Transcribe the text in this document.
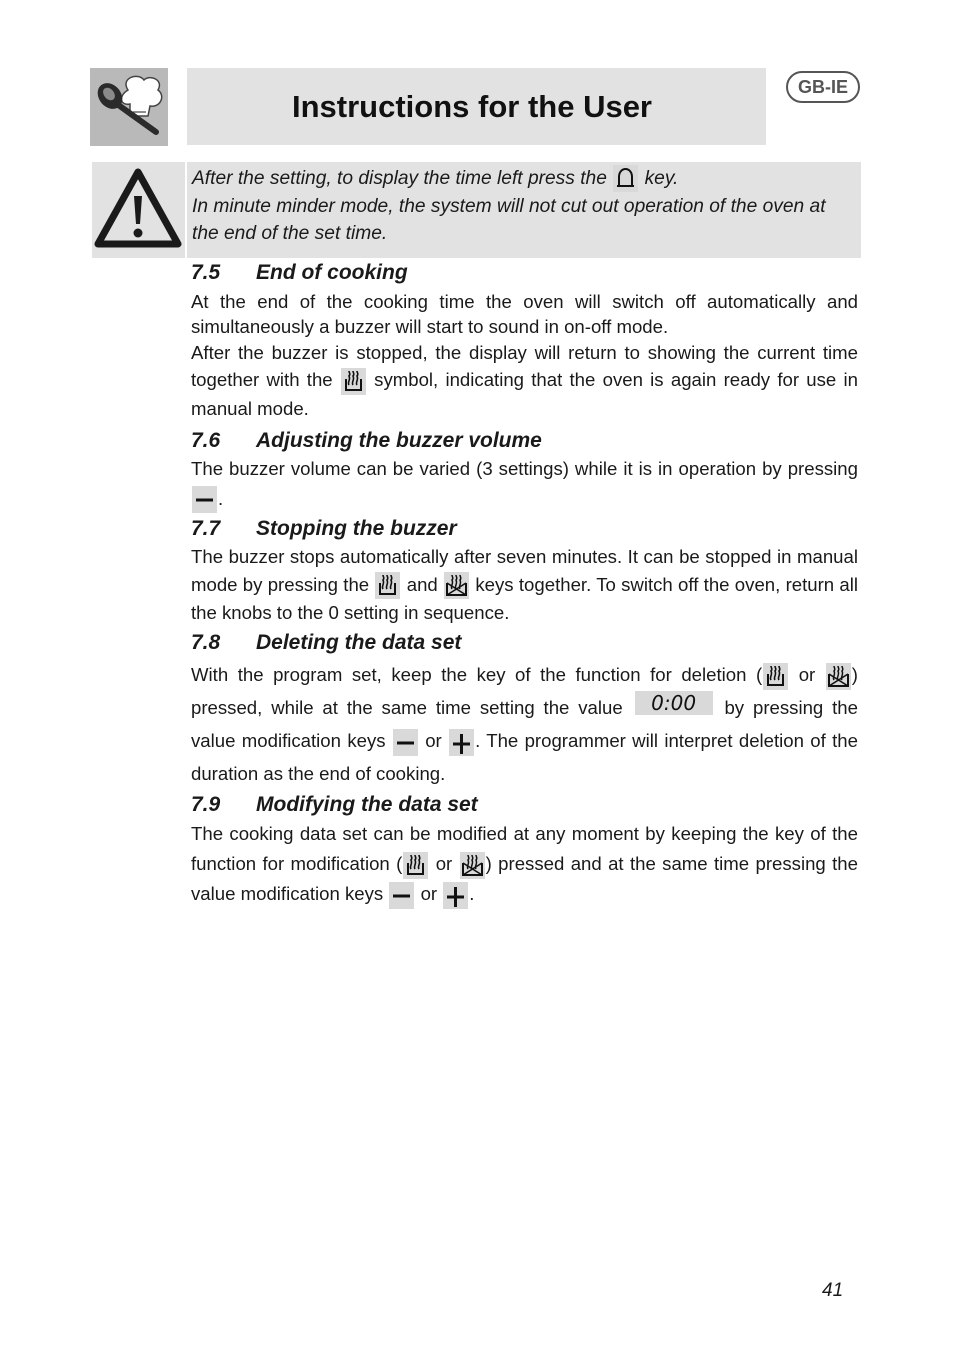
Instructions for the User
GB-IE
After the setting, to display the time left press the key.
In minute minder mode, the system will not cut out operation of the oven at the end of the set time.
7.5 End of cooking

At the end of the cooking time the oven will switch off automatically and simultaneously a buzzer will start to sound in on-off mode.

After the buzzer is stopped, the display will return to showing the current time together with the symbol, indicating that the oven is again ready for use in manual mode.

7.6 Adjusting the buzzer volume

The buzzer volume can be varied (3 settings) while it is in operation by pressing
.

7.7 Stopping the buzzer

The buzzer stops automatically after seven minutes. It can be stopped in manual mode by pressing the and keys together. To switch off the oven, return all the knobs to the 0 setting in sequence.

7.8 Deleting the data set

With the program set, keep the key of the function for deletion ( or ) pressed, while at the same time setting the value 0:00 by pressing the value modification keys or . The programmer will interpret deletion of the duration as the end of cooking.

7.9 Modifying the data set

The cooking data set can be modified at any moment by keeping the key of the function for modification ( or ) pressed and at the same time pressing the value modification keys or .

41
